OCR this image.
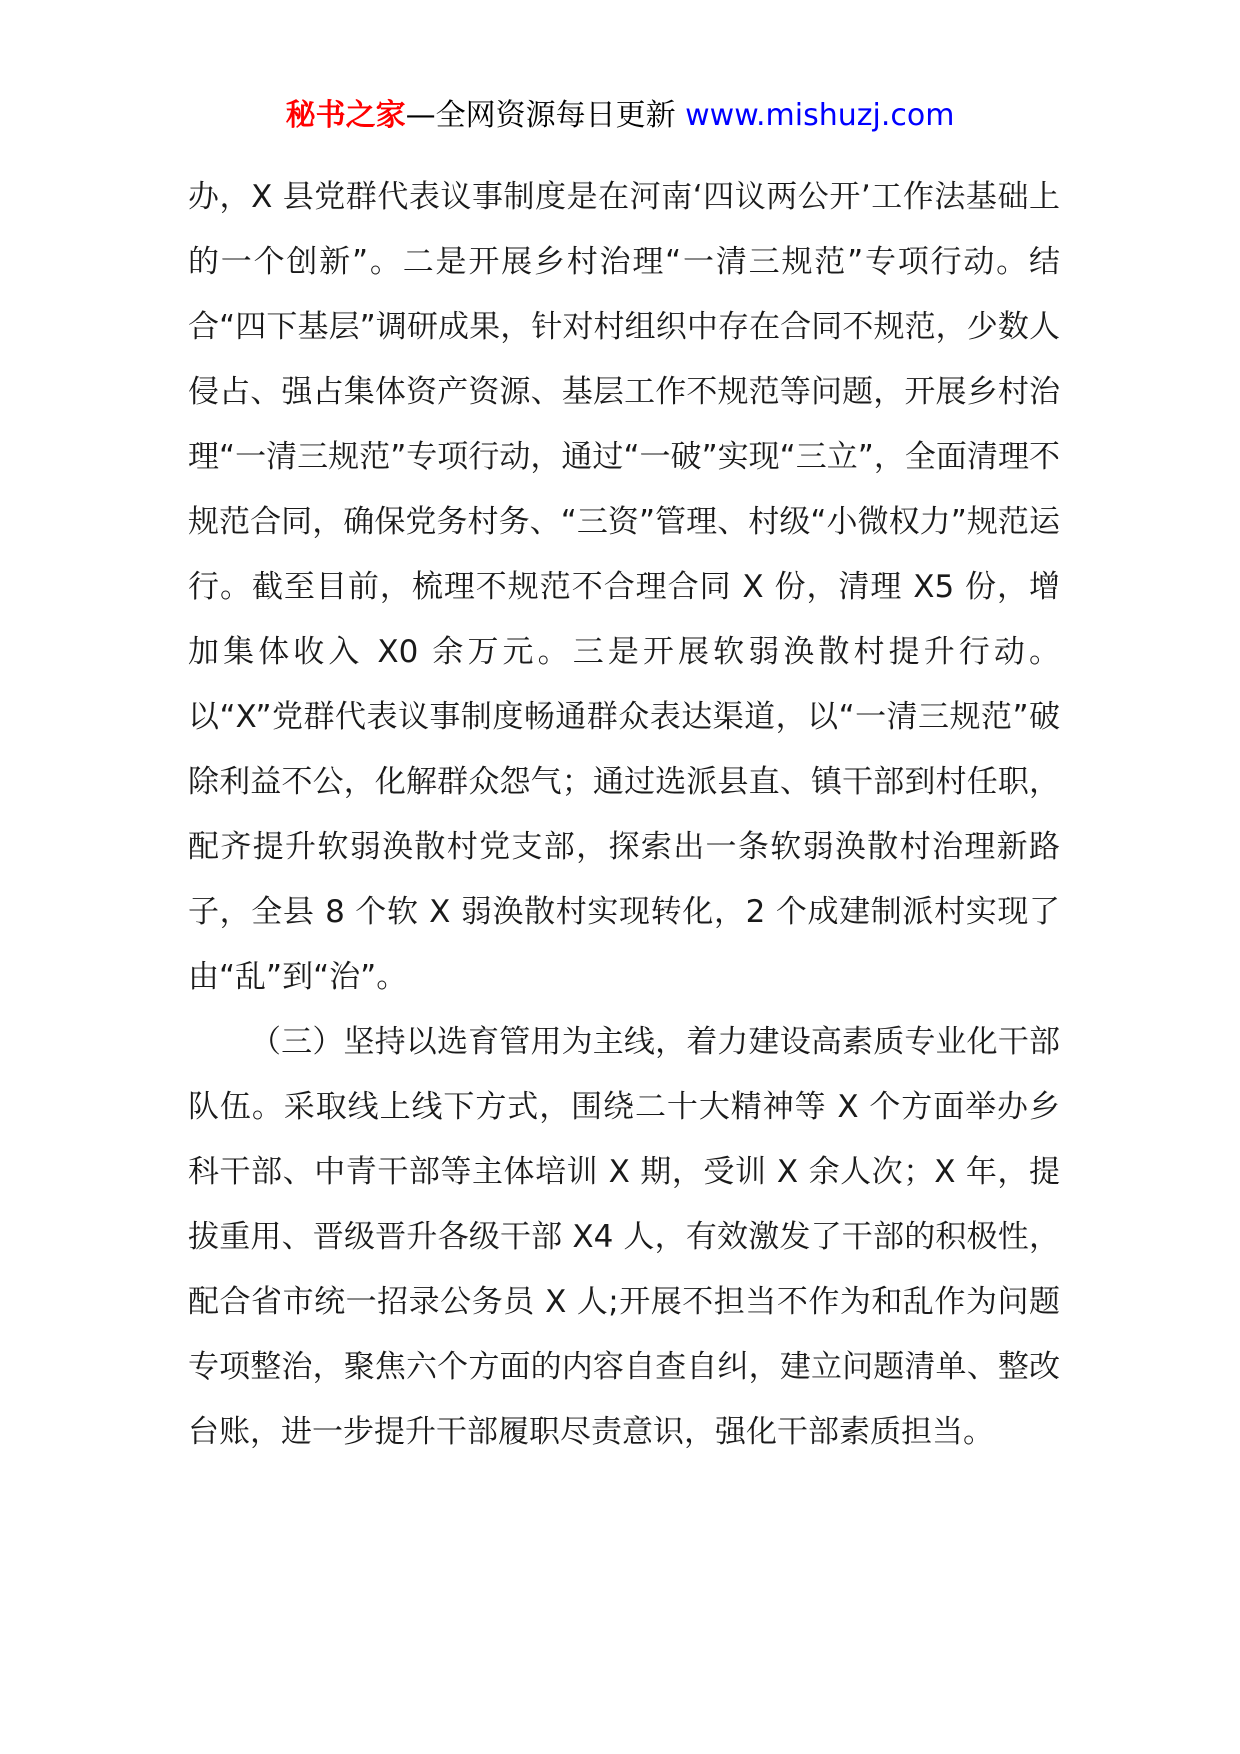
秘书之家—全网资源每日更新 www.mishuzj.com

办，X 县党群代表议事制度是在河南‘四议两公开’工作法基础上的一个创新”。二是开展乡村治理“一清三规范”专项行动。结合“四下基层”调研成果，针对村组织中存在合同不规范，少数人侵占、强占集体资产资源、基层工作不规范等问题，开展乡村治理“一清三规范”专项行动，通过“一破”实现“三立”，全面清理不规范合同，确保党务村务、“三资”管理、村级“小微权力”规范运行。截至目前，梳理不规范不合理合同 X 份，清理 X5 份，增加集体收入 X0 余万元。三是开展软弱涣散村提升行动。以“X”党群代表议事制度畅通群众表达渠道，以“一清三规范”破除利益不公，化解群众怨气；通过选派县直、镇干部到村任职，配齐提升软弱涣散村党支部，探索出一条软弱涣散村治理新路子，全县 8 个软 X 弱涣散村实现转化，2 个成建制派村实现了由“乱”到“治”。

（三）坚持以选育管用为主线，着力建设高素质专业化干部队伍。采取线上线下方式，围绕二十大精神等 X 个方面举办乡科干部、中青干部等主体培训 X 期，受训 X 余人次；X 年，提拔重用、晋级晋升各级干部 X4 人，有效激发了干部的积极性，配合省市统一招录公务员 X 人;开展不担当不作为和乱作为问题专项整治，聚焦六个方面的内容自查自纠，建立问题清单、整改台账，进一步提升干部履职尽责意识，强化干部素质担当。
